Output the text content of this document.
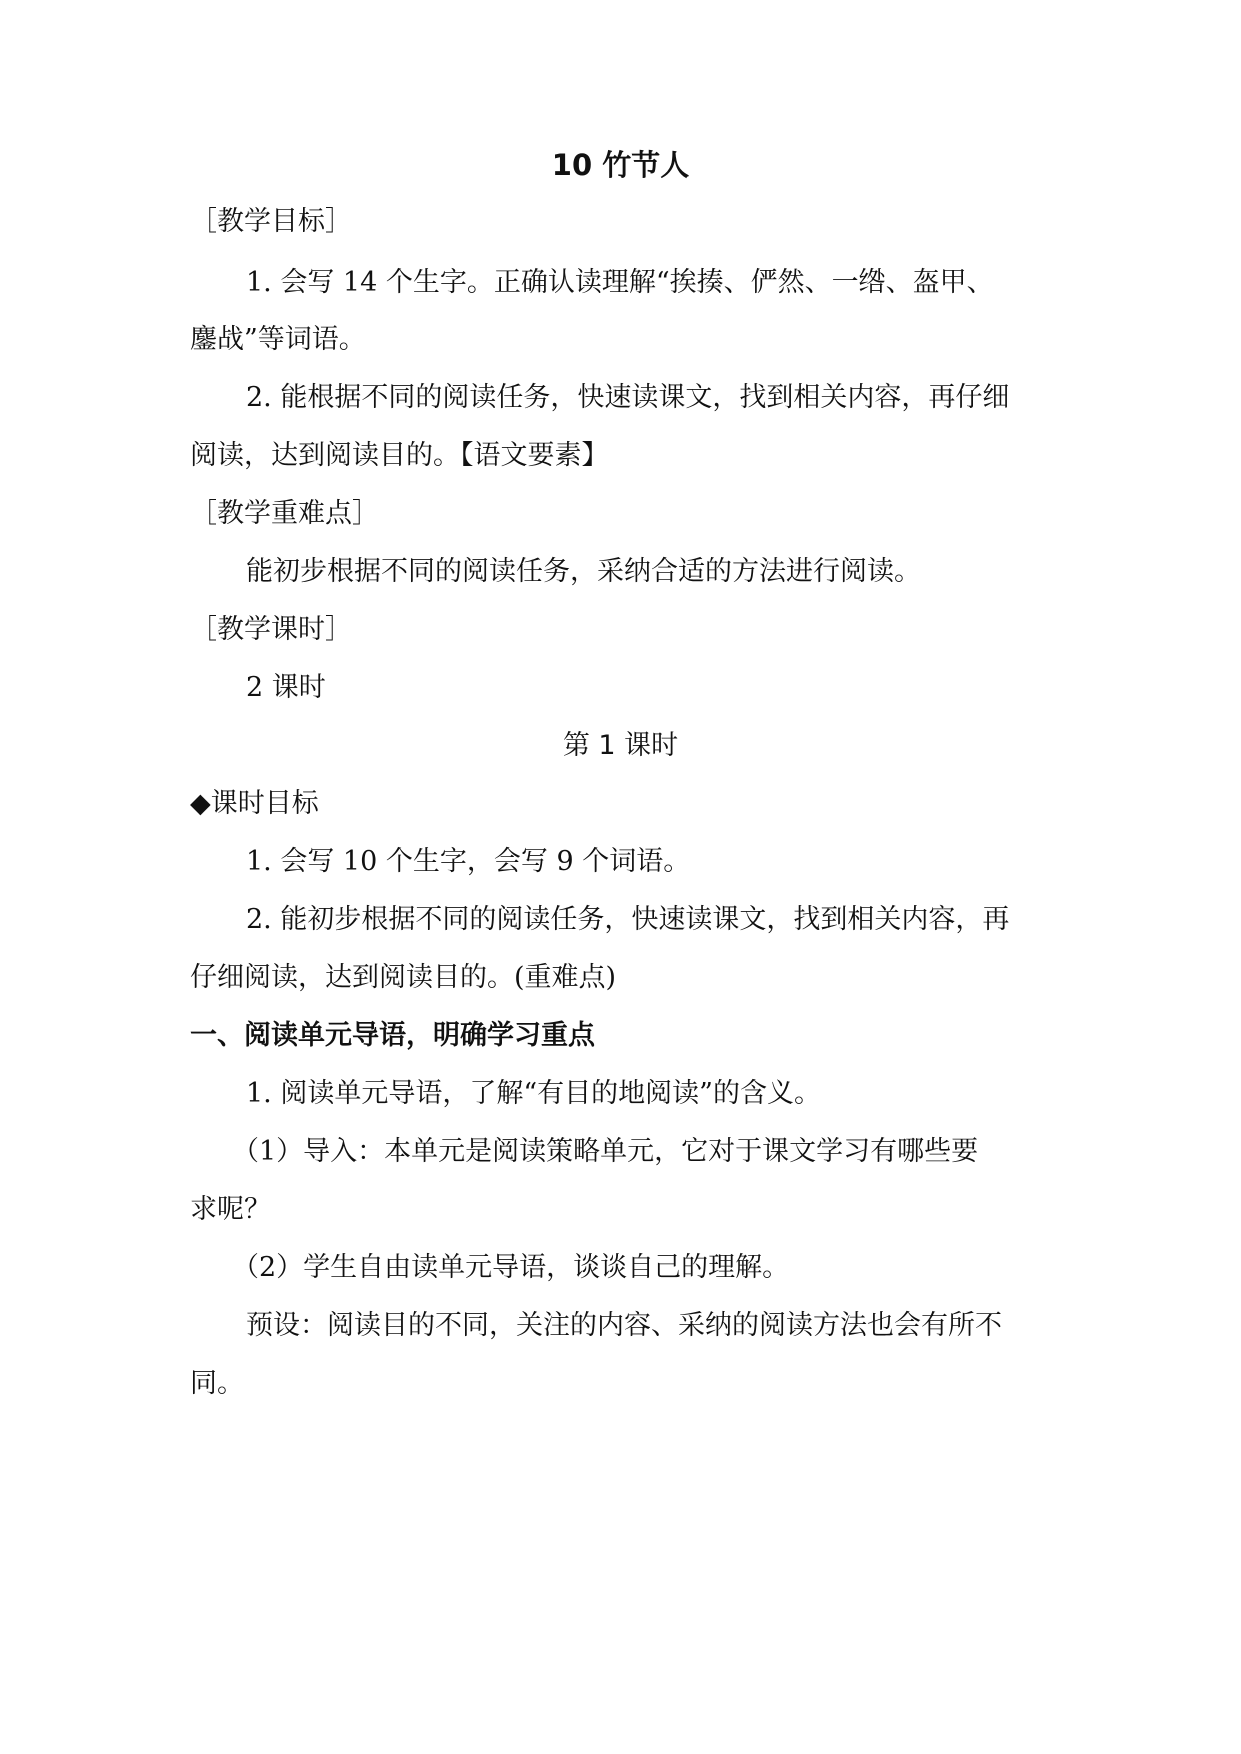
10 竹节人
［教学目标］
1. 会写 14 个生字。正确认读理解“挨揍、俨然、一绺、盔甲、
鏖战”等词语。
2. 能根据不同的阅读任务，快速读课文，找到相关内容，再仔细
阅读，达到阅读目的。【语文要素】
［教学重难点］
能初步根据不同的阅读任务，采纳合适的方法进行阅读。
［教学课时］
2 课时
第 1 课时
◆课时目标
1. 会写 10 个生字，会写 9 个词语。
2. 能初步根据不同的阅读任务，快速读课文，找到相关内容，再
仔细阅读，达到阅读目的。(重难点)
一、阅读单元导语，明确学习重点
1. 阅读单元导语，了解“有目的地阅读”的含义。
（1）导入：本单元是阅读策略单元，它对于课文学习有哪些要
求呢？
（2）学生自由读单元导语，谈谈自己的理解。
预设：阅读目的不同，关注的内容、采纳的阅读方法也会有所不
同。
